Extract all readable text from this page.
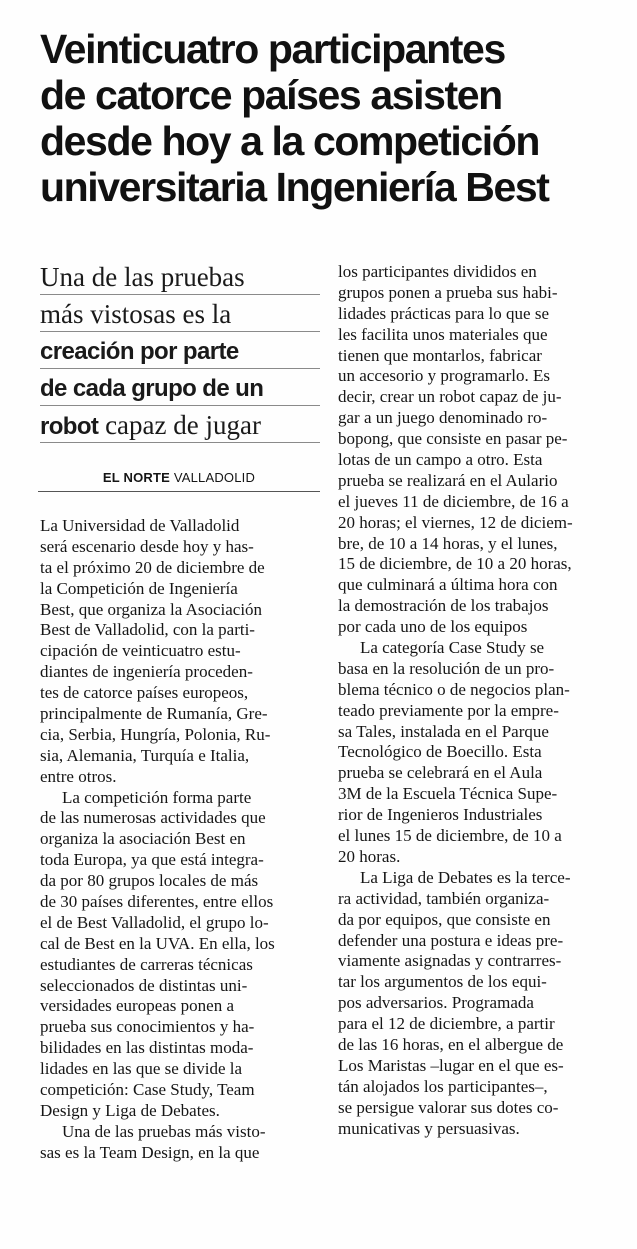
Veinticuatro participantes
de catorce países asisten
desde hoy a la competición
universitaria Ingeniería Best
Una de las pruebas
más vistosas es la
creación por parte
de cada grupo de un
robot capaz de jugar
EL NORTE VALLADOLID
La Universidad de Valladolid
será escenario desde hoy y has-
ta el próximo 20 de diciembre de
la Competición de Ingeniería
Best, que organiza la Asociación
Best de Valladolid, con la parti-
cipación de veinticuatro estu-
diantes de ingeniería proceden-
tes de catorce países europeos,
principalmente de Rumanía, Gre-
cia, Serbia, Hungría, Polonia, Ru-
sia, Alemania, Turquía e Italia,
entre otros.
La competición forma parte
de las numerosas actividades que
organiza la asociación Best en
toda Europa, ya que está integra-
da por 80 grupos locales de más
de 30 países diferentes, entre ellos
el de Best Valladolid, el grupo lo-
cal de Best en la UVA. En ella, los
estudiantes de carreras técnicas
seleccionados de distintas uni-
versidades europeas ponen a
prueba sus conocimientos y ha-
bilidades en las distintas moda-
lidades en las que se divide la
competición: Case Study, Team
Design y Liga de Debates.
Una de las pruebas más visto-
sas es la Team Design, en la que
los participantes divididos en
grupos ponen a prueba sus habi-
lidades prácticas para lo que se
les facilita unos materiales que
tienen que montarlos, fabricar
un accesorio y programarlo. Es
decir, crear un robot capaz de ju-
gar a un juego denominado ro-
bopong, que consiste en pasar pe-
lotas de un campo a otro. Esta
prueba se realizará en el Aulario
el jueves 11 de diciembre, de 16 a
20 horas; el viernes, 12 de diciem-
bre, de 10 a 14 horas, y el lunes,
15 de diciembre, de 10 a 20 horas,
que culminará a última hora con
la demostración de los trabajos
por cada uno de los equipos
La categoría Case Study se
basa en la resolución de un pro-
blema técnico o de negocios plan-
teado previamente por la empre-
sa Tales, instalada en el Parque
Tecnológico de Boecillo. Esta
prueba se celebrará en el Aula
3M de la Escuela Técnica Supe-
rior de Ingenieros Industriales
el lunes 15 de diciembre, de 10 a
20 horas.
La Liga de Debates es la terce-
ra actividad, también organiza-
da por equipos, que consiste en
defender una postura e ideas pre-
viamente asignadas y contrarres-
tar los argumentos de los equi-
pos adversarios. Programada
para el 12 de diciembre, a partir
de las 16 horas, en el albergue de
Los Maristas –lugar en el que es-
tán alojados los participantes–,
se persigue valorar sus dotes co-
municativas y persuasivas.
